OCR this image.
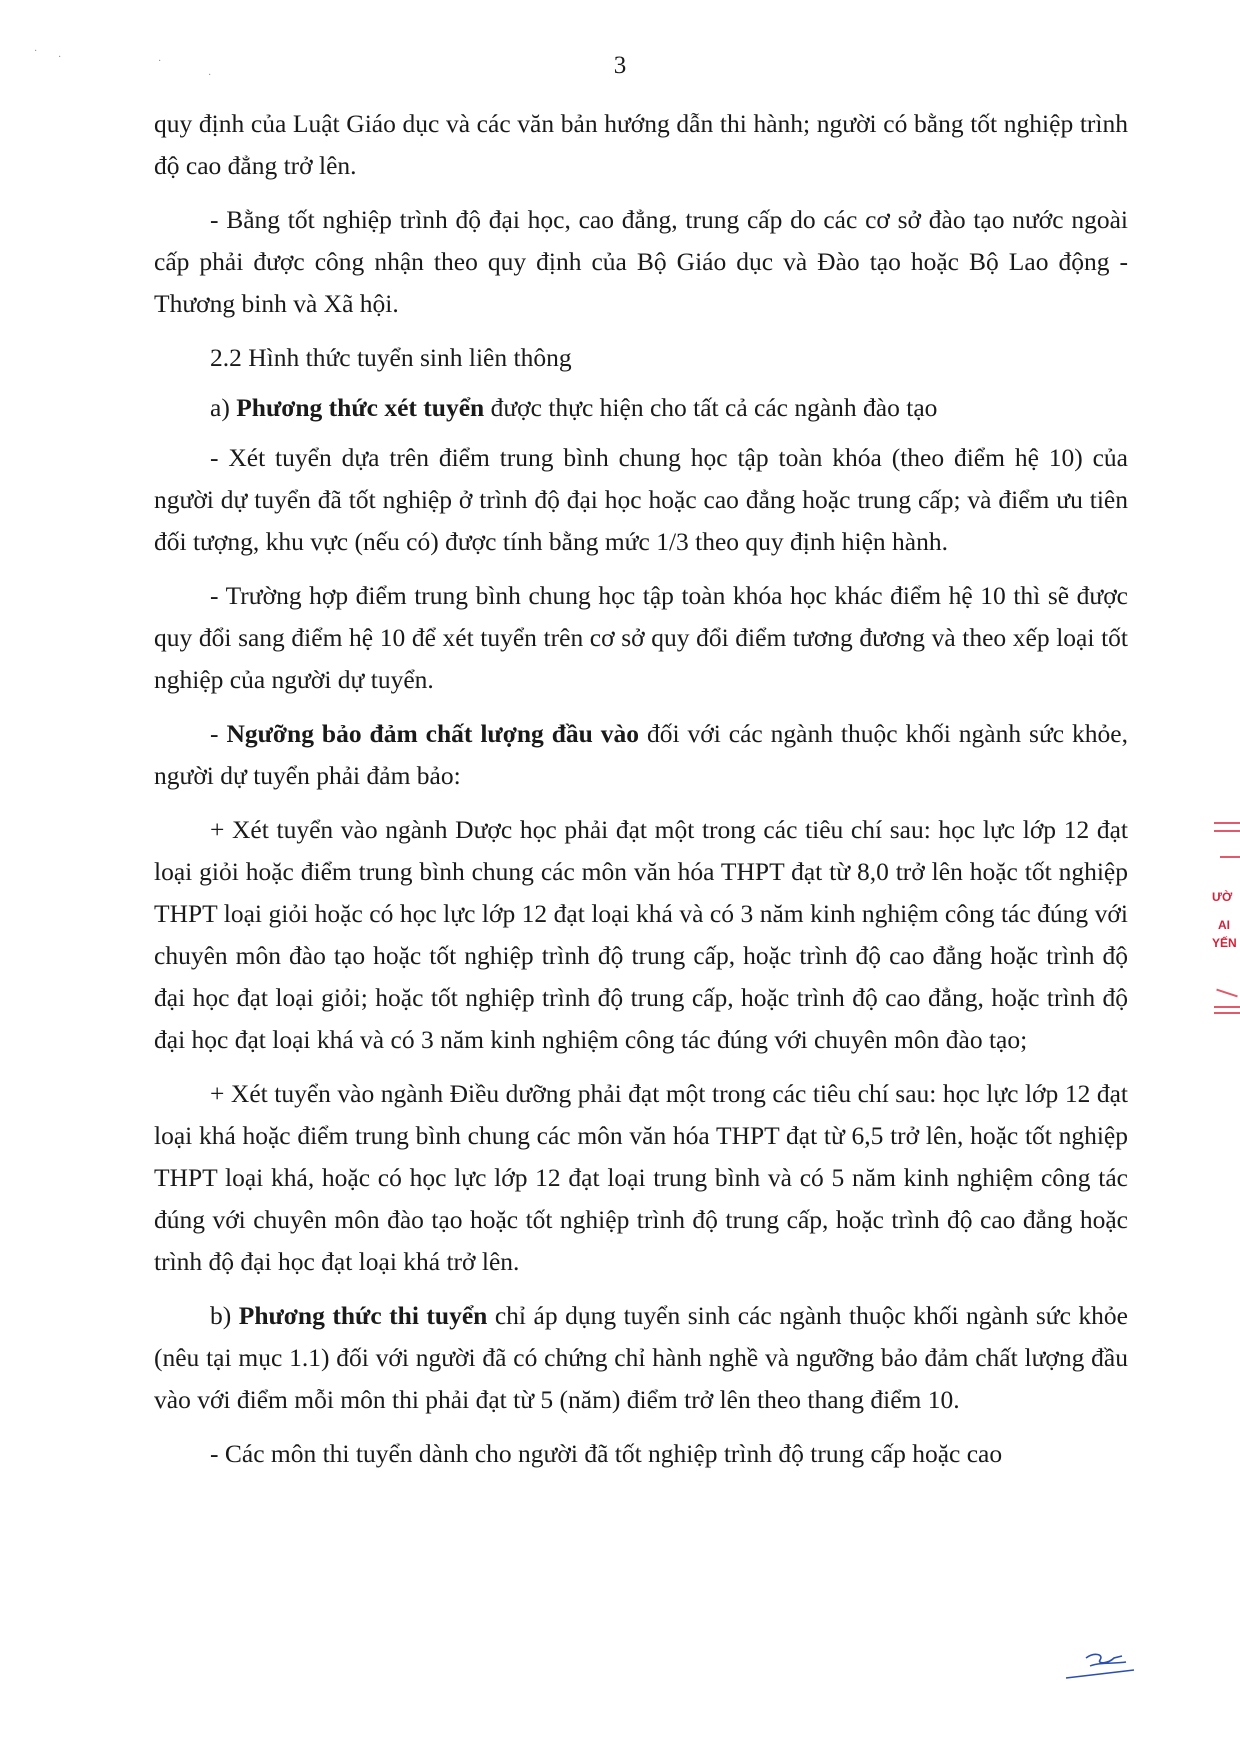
3

quy định của Luật Giáo dục và các văn bản hướng dẫn thi hành; người có bằng tốt nghiệp trình độ cao đẳng trở lên.

- Bằng tốt nghiệp trình độ đại học, cao đẳng, trung cấp do các cơ sở đào tạo nước ngoài cấp phải được công nhận theo quy định của Bộ Giáo dục và Đào tạo hoặc Bộ Lao động - Thương binh và Xã hội.

2.2 Hình thức tuyển sinh liên thông

a) Phương thức xét tuyển được thực hiện cho tất cả các ngành đào tạo

- Xét tuyển dựa trên điểm trung bình chung học tập toàn khóa (theo điểm hệ 10) của người dự tuyển đã tốt nghiệp ở trình độ đại học hoặc cao đẳng hoặc trung cấp; và điểm ưu tiên đối tượng, khu vực (nếu có) được tính bằng mức 1/3 theo quy định hiện hành.

- Trường hợp điểm trung bình chung học tập toàn khóa học khác điểm hệ 10 thì sẽ được quy đổi sang điểm hệ 10 để xét tuyển trên cơ sở quy đổi điểm tương đương và theo xếp loại tốt nghiệp của người dự tuyển.

- Ngưỡng bảo đảm chất lượng đầu vào đối với các ngành thuộc khối ngành sức khỏe, người dự tuyển phải đảm bảo:

+ Xét tuyển vào ngành Dược học phải đạt một trong các tiêu chí sau: học lực lớp 12 đạt loại giỏi hoặc điểm trung bình chung các môn văn hóa THPT đạt từ 8,0 trở lên hoặc tốt nghiệp THPT loại giỏi hoặc có học lực lớp 12 đạt loại khá và có 3 năm kinh nghiệm công tác đúng với chuyên môn đào tạo hoặc tốt nghiệp trình độ trung cấp, hoặc trình độ cao đẳng hoặc trình độ đại học đạt loại giỏi; hoặc tốt nghiệp trình độ trung cấp, hoặc trình độ cao đẳng, hoặc trình độ đại học đạt loại khá và có 3 năm kinh nghiệm công tác đúng với chuyên môn đào tạo;

+ Xét tuyển vào ngành Điều dưỡng phải đạt một trong các tiêu chí sau: học lực lớp 12 đạt loại khá hoặc điểm trung bình chung các môn văn hóa THPT đạt từ 6,5 trở lên, hoặc tốt nghiệp THPT loại khá, hoặc có học lực lớp 12 đạt loại trung bình và có 5 năm kinh nghiệm công tác đúng với chuyên môn đào tạo hoặc tốt nghiệp trình độ trung cấp, hoặc trình độ cao đẳng hoặc trình độ đại học đạt loại khá trở lên.

b) Phương thức thi tuyển chỉ áp dụng tuyển sinh các ngành thuộc khối ngành sức khỏe (nêu tại mục 1.1) đối với người đã có chứng chỉ hành nghề và ngưỡng bảo đảm chất lượng đầu vào với điểm mỗi môn thi phải đạt từ 5 (năm) điểm trở lên theo thang điểm 10.

- Các môn thi tuyển dành cho người đã tốt nghiệp trình độ trung cấp hoặc cao

·
·	·
·
ƯỜ
AI
YẾN
